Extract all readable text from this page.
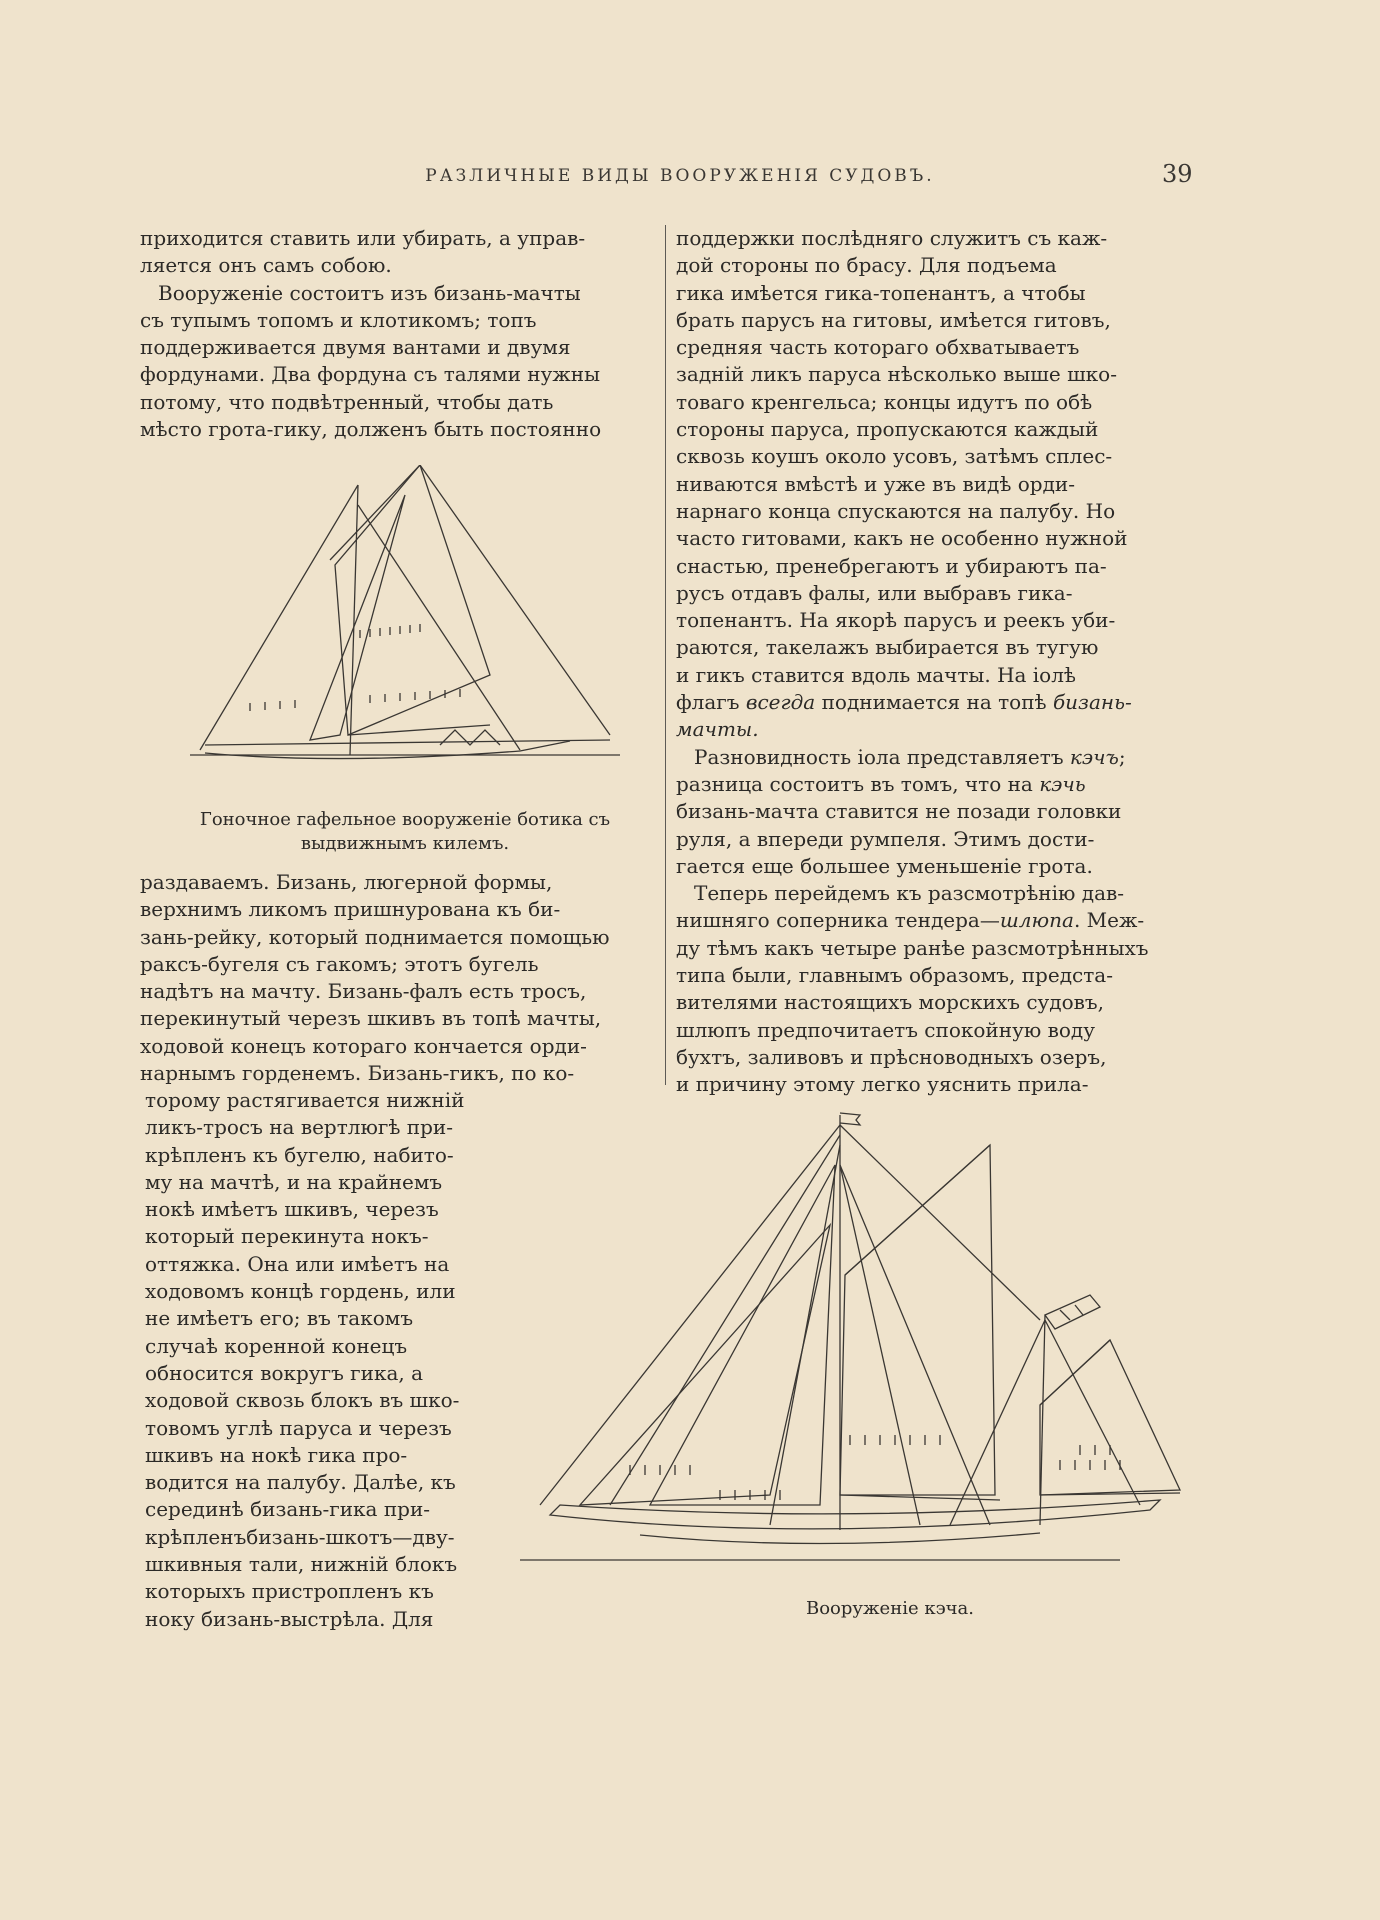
РАЗЛИЧНЫЕ ВИДЫ ВООРУЖЕНІЯ СУДОВЪ.	39
приходится ставить или убирать, а управ-
ляется онъ самъ собою.
Вооруженіе состоитъ изъ бизань-мачты
съ тупымъ топомъ и клотикомъ; топъ
поддерживается двумя вантами и двумя
фордунами. Два фордуна съ талями нужны
потому, что подвѣтренный, чтобы дать
мѣсто грота-гику, долженъ быть постоянно
Гоночное гафельное вооруженіе ботика съ
выдвижнымъ килемъ.
раздаваемъ. Бизань, люгерной формы,
верхнимъ ликомъ пришнурована къ би-
зань-рейку, который поднимается помощью
раксъ-бугеля съ гакомъ; этотъ бугель
надѣтъ на мачту. Бизань-фалъ есть тросъ,
перекинутый черезъ шкивъ въ топѣ мачты,
ходовой конецъ котораго кончается орди-
нарнымъ горденемъ. Бизань-гикъ, по ко-
торому растягивается нижній
ликъ-тросъ на вертлюгѣ при-
крѣпленъ къ бугелю, набито-
му на мачтѣ, и на крайнемъ
нокѣ имѣетъ шкивъ, черезъ
который перекинута нокъ-
оттяжка. Она или имѣетъ на
ходовомъ концѣ гордень, или
не имѣетъ его; въ такомъ
случаѣ коренной конецъ
обносится вокругъ гика, а
ходовой сквозь блокъ въ шко-
товомъ углѣ паруса и черезъ
шкивъ на нокѣ гика про-
водится на палубу. Далѣе, къ
серединѣ бизань-гика при-
крѣпленъбизань-шкотъ—дву-
шкивныя тали, нижній блокъ
которыхъ пристропленъ къ
ноку бизань-выстрѣла. Для
поддержки послѣдняго служитъ съ каж-
дой стороны по брасу. Для подъема
гика имѣется гика-топенантъ, а чтобы
брать парусъ на гитовы, имѣется гитовъ,
средняя часть котораго обхватываетъ
задній ликъ паруса нѣсколько выше шко-
товаго кренгельса; концы идутъ по обѣ
стороны паруса, пропускаются каждый
сквозь коушъ около усовъ, затѣмъ сплес-
ниваются вмѣстѣ и уже въ видѣ орди-
нарнаго конца спускаются на палубу. Но
часто гитовами, какъ не особенно нужной
снастью, пренебрегаютъ и убираютъ па-
русъ отдавъ фалы, или выбравъ гика-
топенантъ. На якорѣ парусъ и реекъ уби-
раются, такелажъ выбирается въ тугую
и гикъ ставится вдоль мачты. На іолѣ
флагъ всегда поднимается на топѣ бизань-
мачты.
Разновидность іола представляетъ кэчъ;
разница состоитъ въ томъ, что на кэчь
бизань-мачта ставится не позади головки
руля, а впереди румпеля. Этимъ дости-
гается еще большее уменьшеніе грота.
Теперь перейдемъ къ разсмотрѣнію дав-
нишняго соперника тендера—шлюпа. Меж-
ду тѣмъ какъ четыре ранѣе разсмотрѣнныхъ
типа были, главнымъ образомъ, предста-
вителями настоящихъ морскихъ судовъ,
шлюпъ предпочитаетъ спокойную воду
бухтъ, заливовъ и прѣсноводныхъ озеръ,
и причину этому легко уяснить прила-
Вооруженіе кэча.
